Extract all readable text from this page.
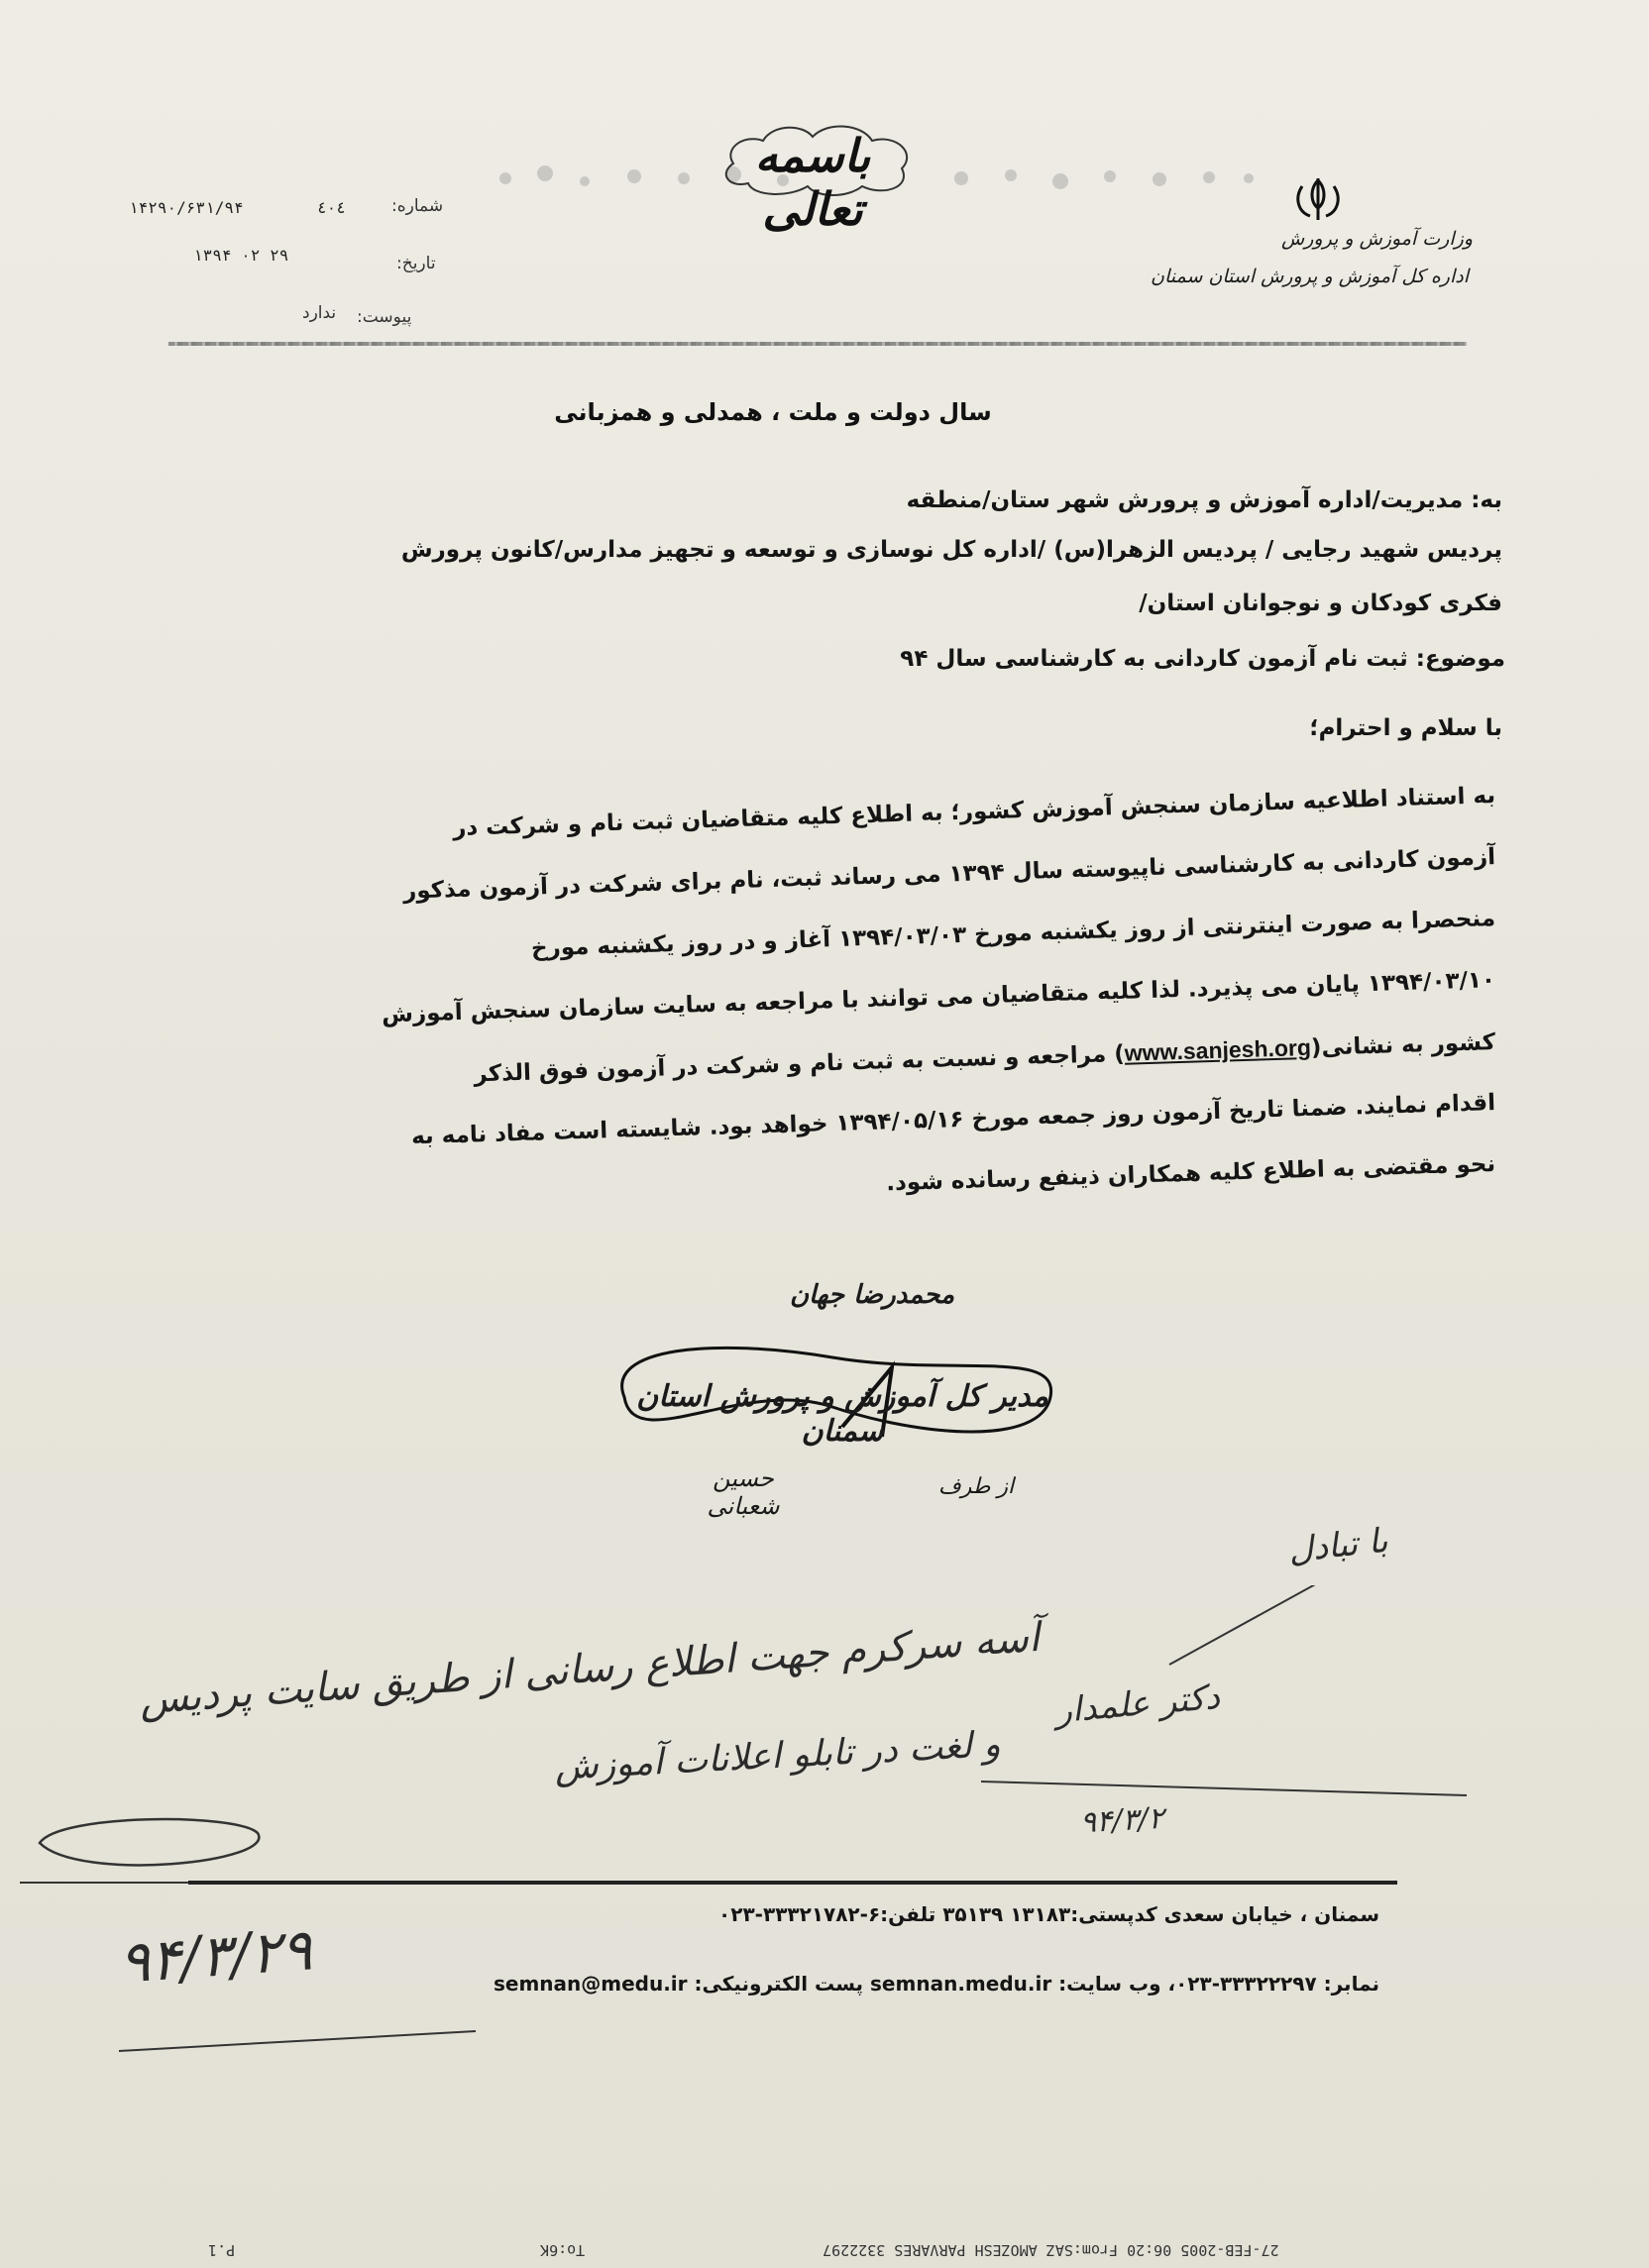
باسمه تعالی
وزارت آموزش و پرورش
اداره کل آموزش و پرورش استان سمنان
۱۴۲۹۰/۶۳۱/۹۴	٤٠٤	شماره:
۱۳۹۴ ۰۲ ۲۹	تاریخ:
ندارد پیوست:
سال دولت و ملت ، همدلی و همزبانی
به: مدیریت/اداره آموزش و پرورش شهر ستان/منطقه
پردیس شهید رجایی / پردیس الزهرا(س) /اداره کل نوسازی و توسعه و تجهیز مدارس/کانون پرورش
فکری کودکان و نوجوانان استان/
موضوع: ثبت نام آزمون کاردانی به کارشناسی سال ۹۴
با سلام و احترام؛
به استناد اطلاعیه سازمان سنجش آموزش کشور؛ به اطلاع کلیه متقاضیان ثبت نام و شرکت در
آزمون کاردانی به کارشناسی ناپیوسته سال ۱۳۹۴ می رساند ثبت، نام برای شرکت در آزمون مذکور
منحصرا به صورت اینترنتی از روز یکشنبه مورخ ۱۳۹۴/۰۳/۰۳ آغاز و در روز یکشنبه مورخ
۱۳۹۴/۰۳/۱۰ پایان می پذیرد. لذا کلیه متقاضیان می توانند با مراجعه به سایت سازمان سنجش آموزش
کشور به نشانی(www.sanjesh.org) مراجعه و نسبت به ثبت نام و شرکت در آزمون فوق الذکر
اقدام نمایند. ضمنا تاریخ آزمون روز جمعه مورخ ۱۳۹۴/۰۵/۱۶ خواهد بود. شایسته است مفاد نامه به
نحو مقتضی به اطلاع کلیه همکاران ذینفع رسانده شود.
محمدرضا جهان
مدیر کل آموزش و پرورش استان سمنان
از طرف
حسین شعبانی
با تبادل
دکتر علمدار
۹۴/۳/۲
آسه سرکرم جهت اطلاع رسانی از طریق سایت پردیس
و لغت در تابلو اعلانات آموزش
۹۴/۳/۲۹
سمنان ، خیابان سعدی کدپستی:۱۳۱۸۳ ۳۵۱۳۹ تلفن:۶-۳۳۳۲۱۷۸۲-۰۲۳
نمابر: ۳۳۳۲۲۲۹۷-۰۲۳، وب سایت: semnan.medu.ir پست الکترونیکی: semnan@medu.ir
P.1	To:6K	27-FEB-2005 06:20 From:SAZ AMOZESH PARVARES 3322297
